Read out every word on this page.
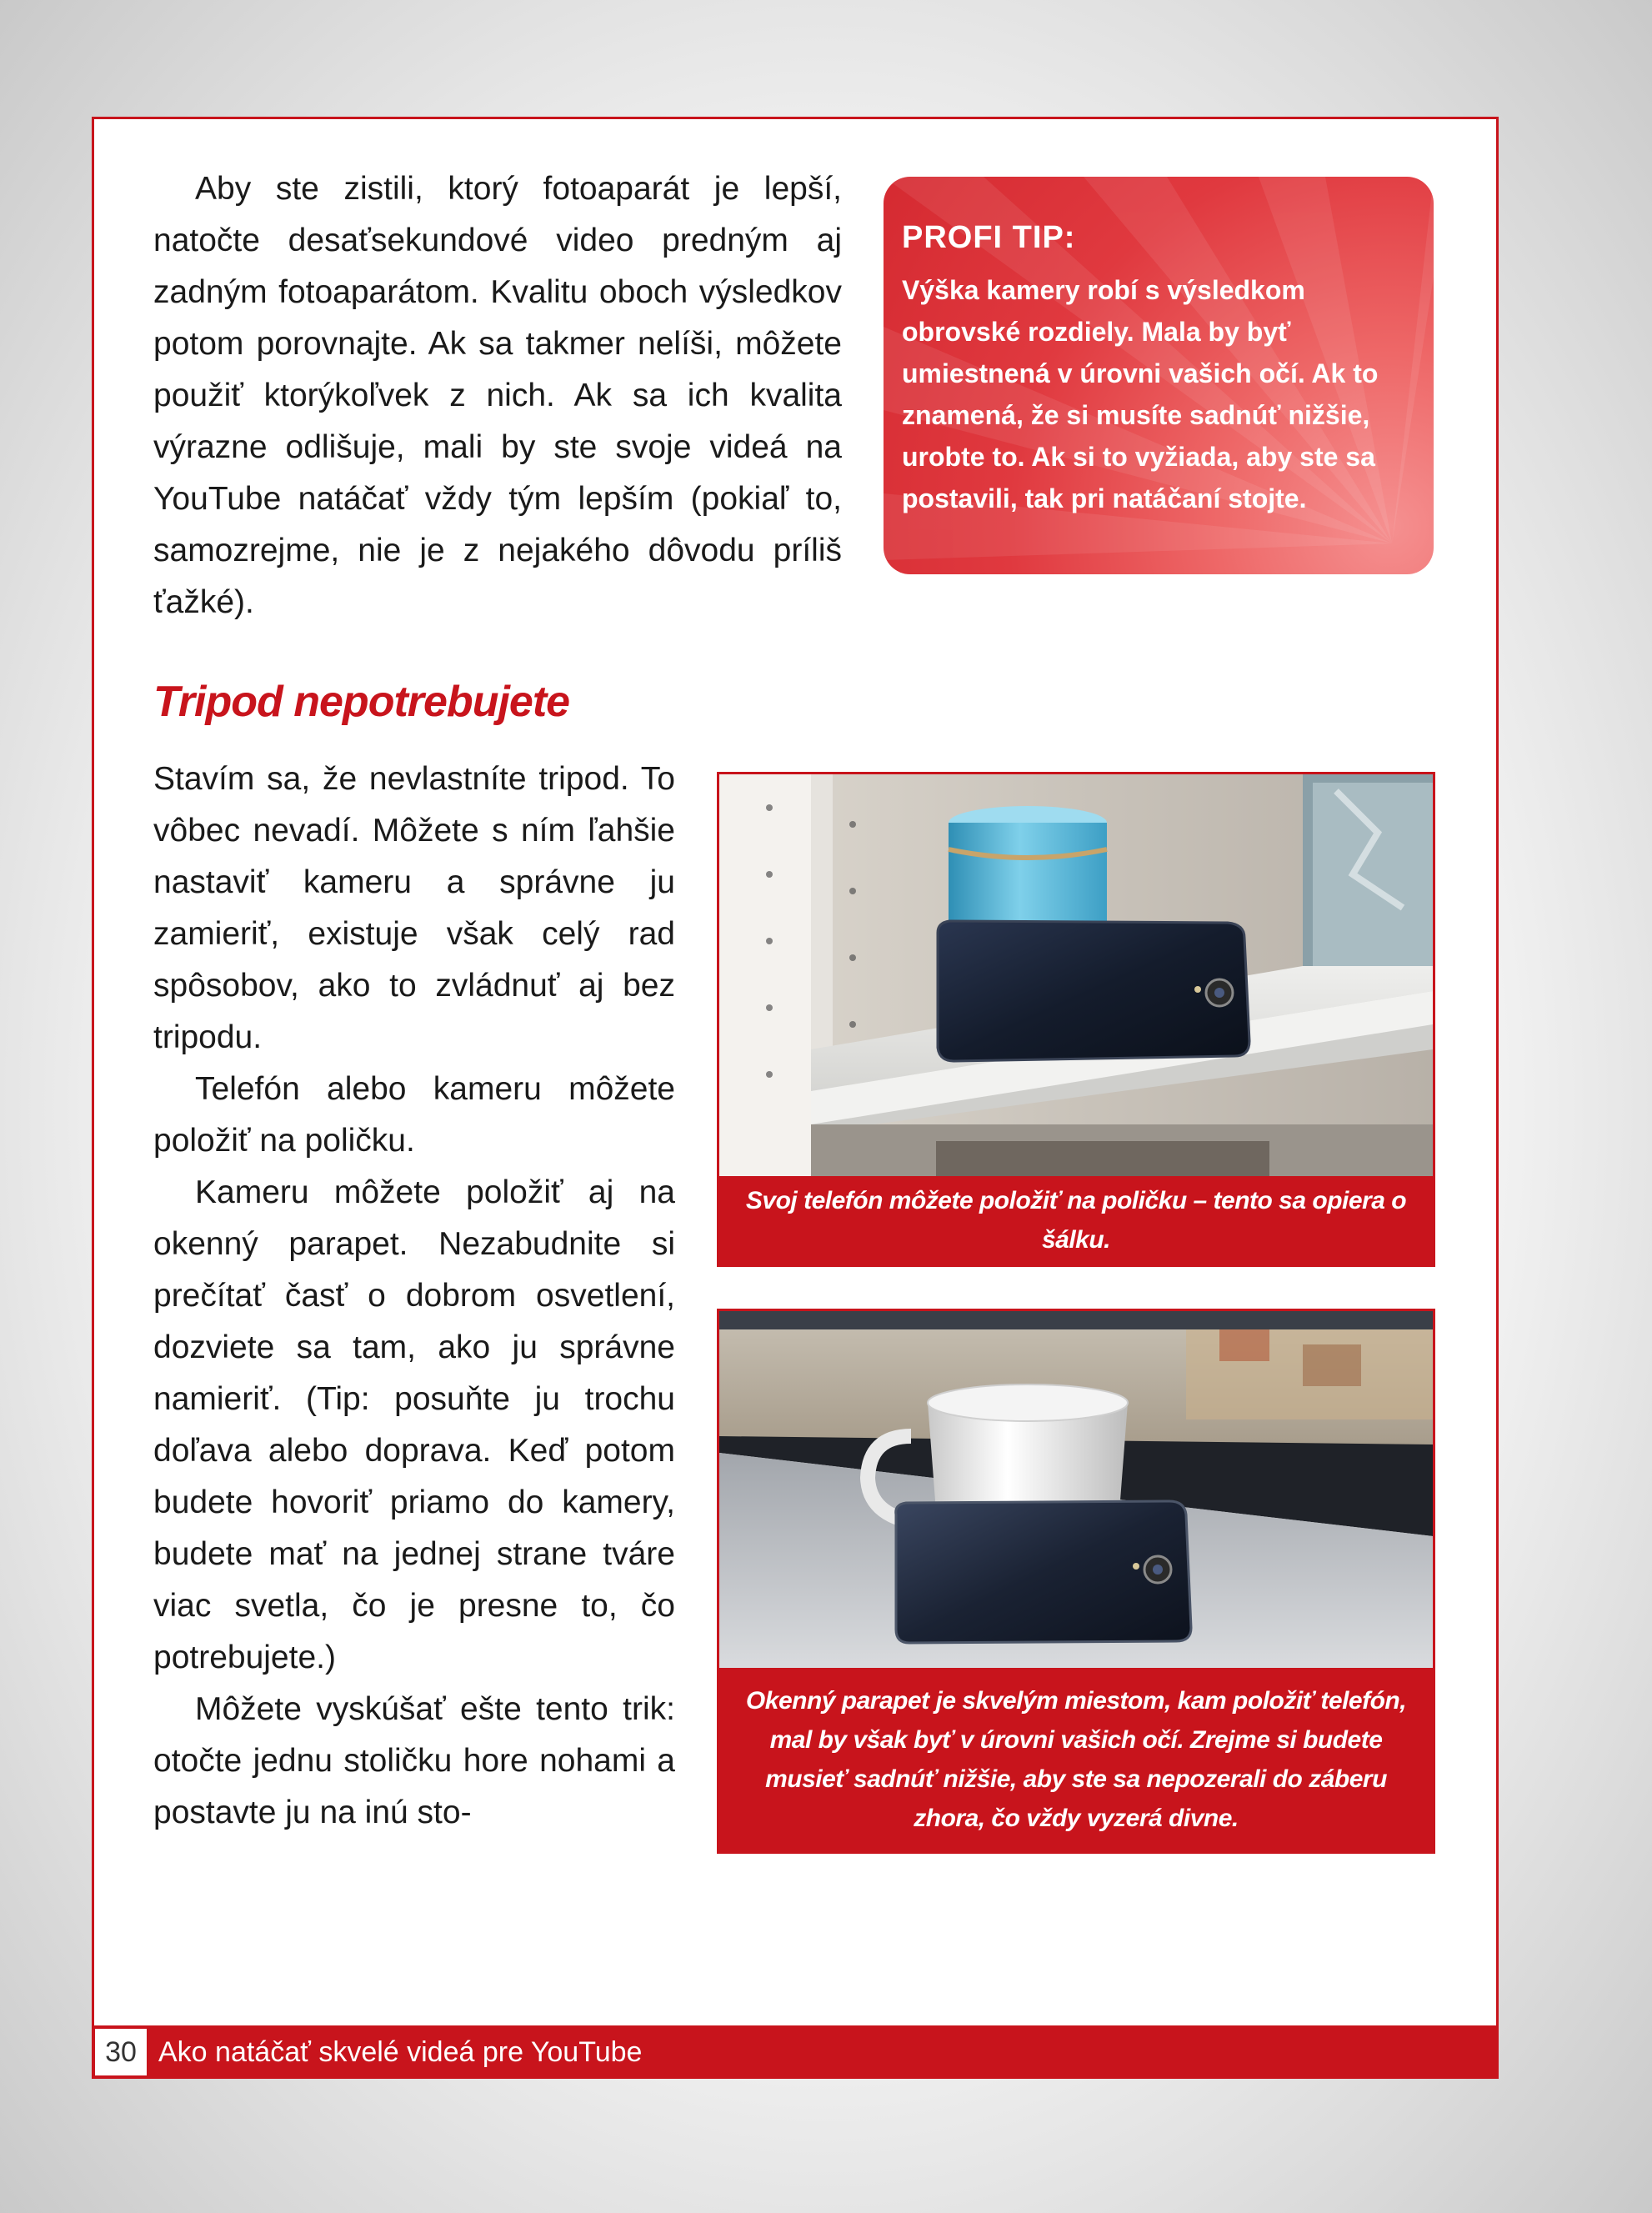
Aby ste zistili, ktorý fotoaparát je lepší, natočte desaťsekundové video predným aj zadným fotoaparátom. Kvalitu oboch výsledkov potom porovnajte. Ak sa takmer nelíši, môžete použiť ktorýkoľvek z nich. Ak sa ich kvalita výrazne odlišuje, mali by ste svoje videá na YouTube natáčať vždy tým lepším (pokiaľ to, samozrejme, nie je z nejakého dôvodu príliš ťažké).

PROFI TIP:
Výška kamery robí s výsledkom obrovské rozdiely. Mala by byť umiestnená v úrovni vašich očí. Ak to znamená, že si musíte sadnúť nižšie, urobte to. Ak si to vyžiada, aby ste sa postavili, tak pri natáčaní stojte.
Tripod nepotrebujete

Stavím sa, že nevlastníte tripod. To vôbec nevadí. Môžete s ním ľahšie nastaviť kameru a správne ju zamieriť, existuje však celý rad spôsobov, ako to zvládnuť aj bez tripodu.

Telefón alebo kameru môžete položiť na poličku.

Kameru môžete položiť aj na okenný parapet. Nezabudnite si prečítať časť o dobrom osvetlení, dozviete sa tam, ako ju správne namieriť. (Tip: posuňte ju trochu doľava alebo doprava. Keď potom budete hovoriť priamo do kamery, budete mať na jednej strane tváre viac svetla, čo je presne to, čo potrebujete.)

Môžete vyskúšať ešte tento trik: otočte jednu stoličku hore nohami a postavte ju na inú sto-

Svoj telefón môžete položiť na poličku – tento sa opiera o šálku.
Okenný parapet je skvelým miestom, kam položiť telefón, mal by však byť v úrovni vašich očí. Zrejme si budete musieť sadnúť nižšie, aby ste sa nepozerali do záberu zhora, čo vždy vyzerá divne.
30 Ako natáčať skvelé videá pre YouTube
